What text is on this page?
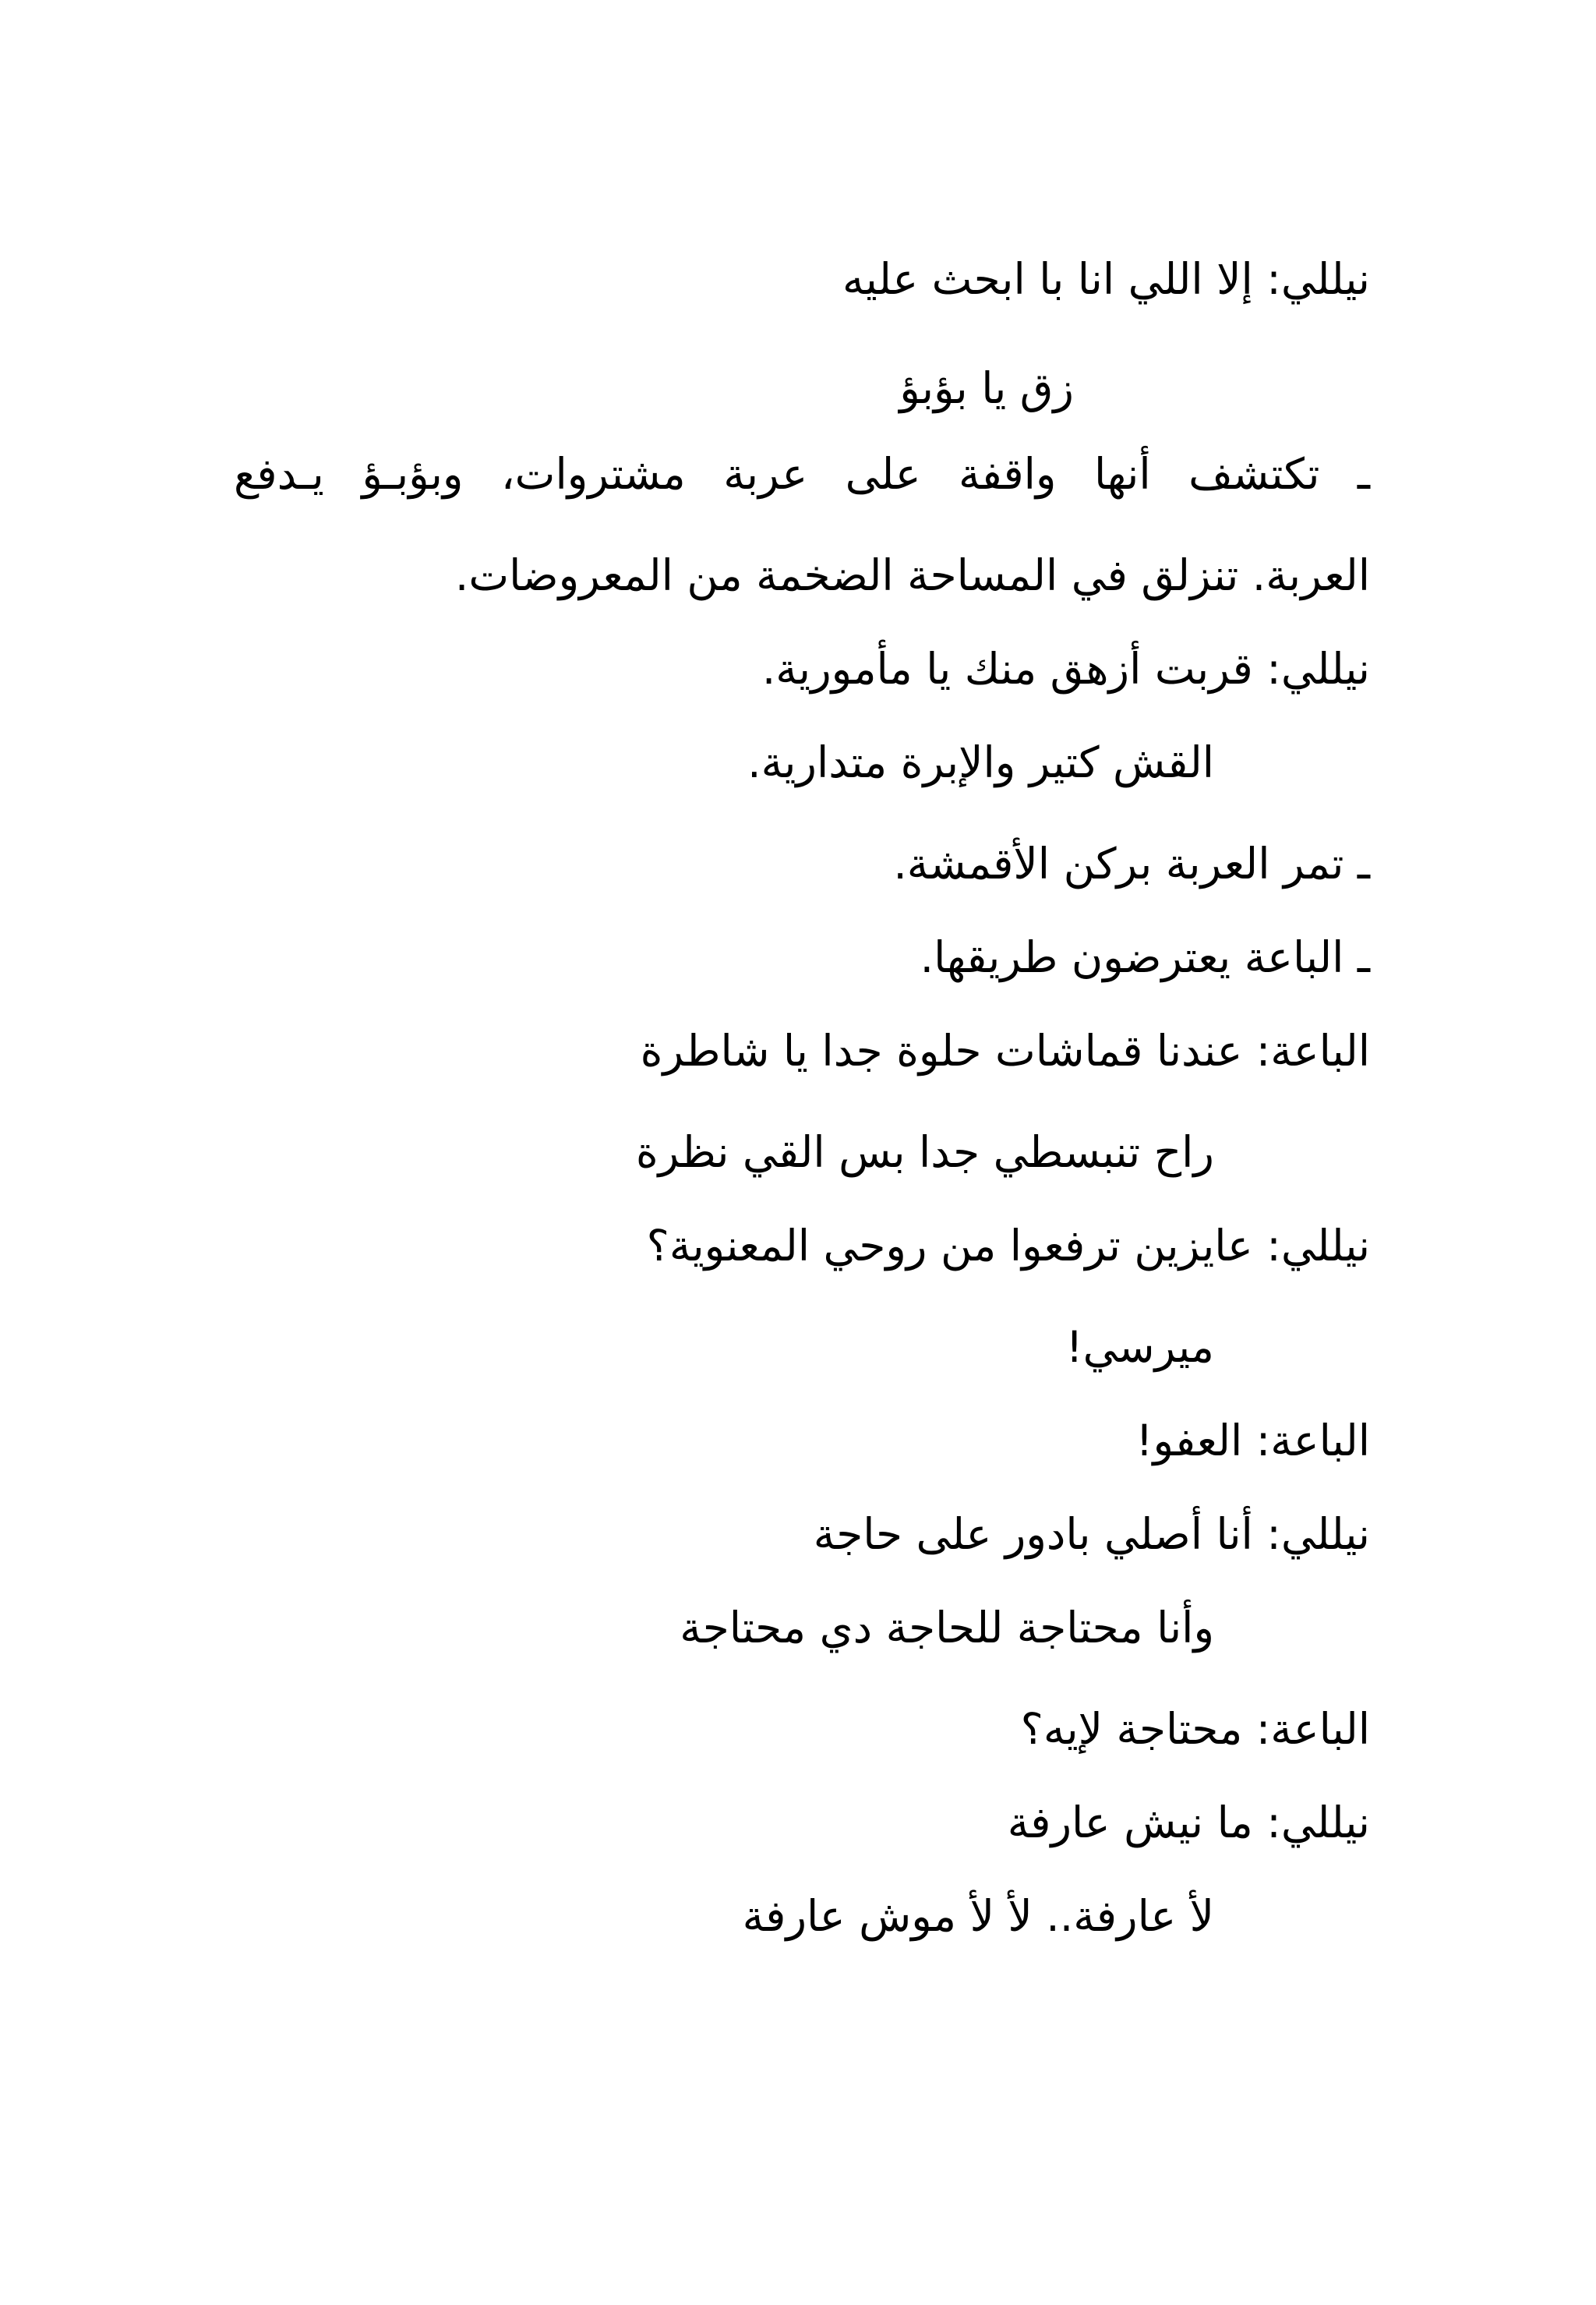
نيللي: إلا اللي انا با ابحث عليه
زق يا بؤبؤ
ـ تكتشف أنها واقفة على عربة مشتروات، وبؤبـؤ يـدفع
العربة. تنزلق في المساحة الضخمة من المعروضات.
نيللي: قربت أزهق منك يا مأمورية.
القش كتير والإبرة متدارية.
ـ تمر العربة بركن الأقمشة.
ـ الباعة يعترضون طريقها.
الباعة: عندنا قماشات حلوة جدا يا شاطرة
راح تنبسطي جدا بس القي نظرة
نيللي: عايزين ترفعوا من روحي المعنوية؟
ميرسي!
الباعة: العفو!
نيللي: أنا أصلي بادور على حاجة
وأنا محتاجة للحاجة دي محتاجة
الباعة: محتاجة لإيه؟
نيللي: ما نيش عارفة
لأ عارفة.. لأ لأ موش عارفة
